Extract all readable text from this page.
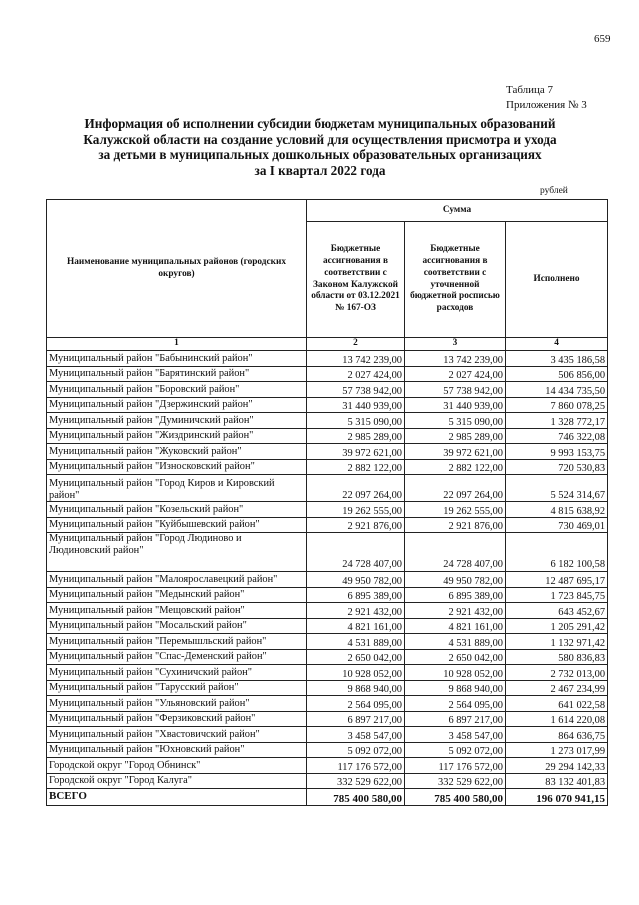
659
Таблица 7
Приложения № 3
Информация об исполнении субсидии бюджетам муниципальных образований
Калужской области на создание условий для осуществления присмотра и ухода
за детьми в муниципальных дошкольных образовательных организациях
за I квартал 2022 года
рублей
Наименование муниципальных районов (городских округов)	Сумма		
	Бюджетные ассигнования в соответствии с Законом Калужской области от 03.12.2021 № 167-ОЗ	Бюджетные ассигнования в соответствии с уточненной бюджетной росписью расходов	Исполнено
1	2	3	4
Муниципальный район "Бабынинский район"	13 742 239,00	13 742 239,00	3 435 186,58
Муниципальный район "Барятинский район"	2 027 424,00	2 027 424,00	506 856,00
Муниципальный район "Боровский район"	57 738 942,00	57 738 942,00	14 434 735,50
Муниципальный район "Дзержинский район"	31 440 939,00	31 440 939,00	7 860 078,25
Муниципальный район "Думиничский район"	5 315 090,00	5 315 090,00	1 328 772,17
Муниципальный район "Жиздринский район"	2 985 289,00	2 985 289,00	746 322,08
Муниципальный район "Жуковский район"	39 972 621,00	39 972 621,00	9 993 153,75
Муниципальный район "Износковский район"	2 882 122,00	2 882 122,00	720 530,83
Муниципальный район "Город Киров и Кировский район"	22 097 264,00	22 097 264,00	5 524 314,67
Муниципальный район "Козельский район"	19 262 555,00	19 262 555,00	4 815 638,92
Муниципальный район "Куйбышевский район"	2 921 876,00	2 921 876,00	730 469,01
Муниципальный район "Город Людиново и Людиновский район"	24 728 407,00	24 728 407,00	6 182 100,58
Муниципальный район "Малоярославецкий район"	49 950 782,00	49 950 782,00	12 487 695,17
Муниципальный район "Медынский район"	6 895 389,00	6 895 389,00	1 723 845,75
Муниципальный район "Мещовский район"	2 921 432,00	2 921 432,00	643 452,67
Муниципальный район "Мосальский район"	4 821 161,00	4 821 161,00	1 205 291,42
Муниципальный район "Перемышльский район"	4 531 889,00	4 531 889,00	1 132 971,42
Муниципальный район "Спас-Деменский район"	2 650 042,00	2 650 042,00	580 836,83
Муниципальный район "Сухиничский район"	10 928 052,00	10 928 052,00	2 732 013,00
Муниципальный район "Тарусский район"	9 868 940,00	9 868 940,00	2 467 234,99
Муниципальный район "Ульяновский район"	2 564 095,00	2 564 095,00	641 022,58
Муниципальный район "Ферзиковский район"	6 897 217,00	6 897 217,00	1 614 220,08
Муниципальный район "Хвастовичский район"	3 458 547,00	3 458 547,00	864 636,75
Муниципальный район "Юхновский район"	5 092 072,00	5 092 072,00	1 273 017,99
Городской округ "Город Обнинск"	117 176 572,00	117 176 572,00	29 294 142,33
Городской округ "Город Калуга"	332 529 622,00	332 529 622,00	83 132 401,83
ВСЕГО	785 400 580,00	785 400 580,00	196 070 941,15
